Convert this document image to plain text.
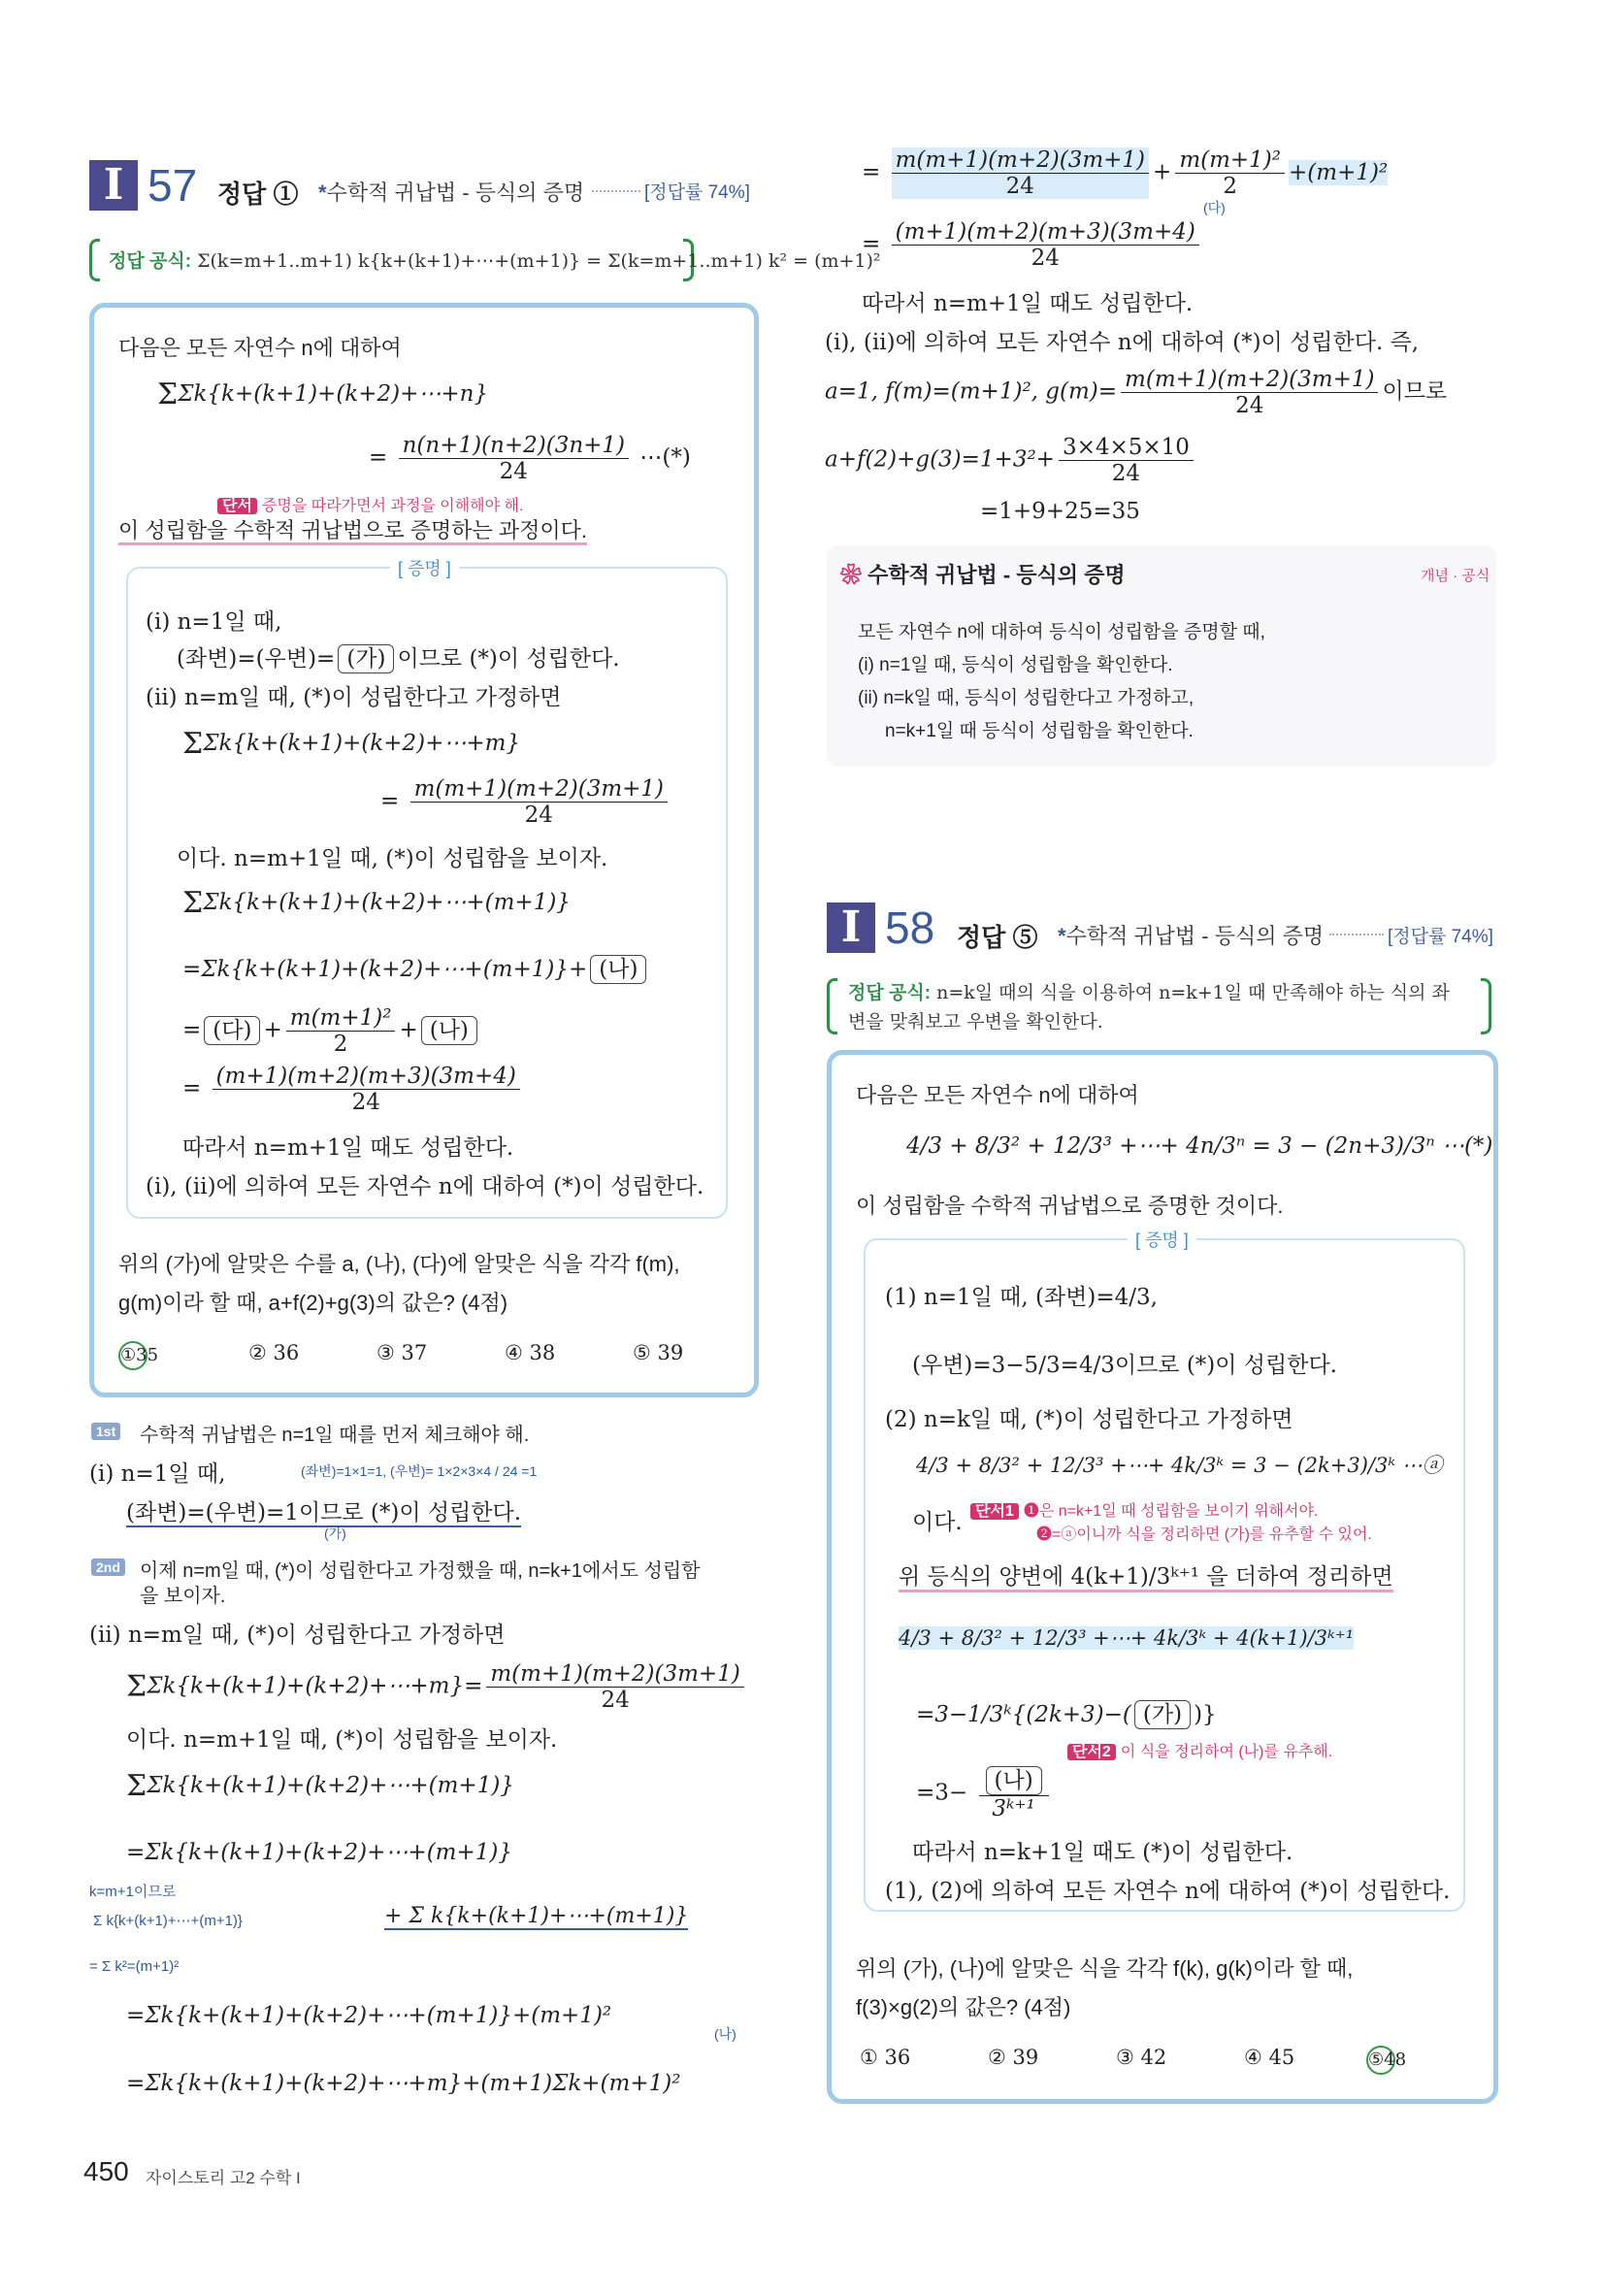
I 57 정답 ① *수학적 귀납법 - 등식의 증명	[정답률 74%]
정답 공식: Σ(k=m+1..m+1) k{k+(k+1)+⋯+(m+1)} = Σ(k=m+1..m+1) k² = (m+1)²
다음은 모든 자연수 n에 대하여
ΣΣk{k+(k+1)+(k+2)+⋯+n}
= $\frac{n(n+1)(n+2)(3n+1)}{24}$ ⋯(*)
단서 증명을 따라가면서 과정을 이해해야 해.
이 성립함을 수학적 귀납법으로 증명하는 과정이다.
[ 증명 ]
(i) n=1일 때,
(좌변)=(우변)= (가) 이므로 (*)이 성립한다.
(ii) n=m일 때, (*)이 성립한다고 가정하면
ΣΣk{k+(k+1)+(k+2)+⋯+m}
= $\frac{m(m+1)(m+2)(3m+1)}{24}$
이다. n=m+1일 때, (*)이 성립함을 보이자.
ΣΣk{k+(k+1)+(k+2)+⋯+(m+1)}
=Σk{k+(k+1)+(k+2)+⋯+(m+1)}+ (나)
= (다) + $\frac{\text{m(m+1)²}}{2}$ + (나)
= $\frac{(m+1)(m+2)(m+3)(3m+4)}{24}$
따라서 n=m+1일 때도 성립한다.
(i), (ii)에 의하여 모든 자연수 n에 대하여 (*)이 성립한다.
위의 (가)에 알맞은 수를 a, (나), (다)에 알맞은 식을 각각 f(m),
g(m)이라 할 때, a+f(2)+g(3)의 값은? (4점)
①35	② 36	③ 37	④ 38	⑤ 39
1st 수학적 귀납법은 n=1일 때를 먼저 체크해야 해.
(i) n=1일 때,	(좌변)=1×1=1, (우변)= 1×2×3×4 / 24 =1
(좌변)=(우변)=1이므로 (*)이 성립한다.
(가)
2nd 이제 n=m일 때, (*)이 성립한다고 가정했을 때, n=k+1에서도 성립함
을 보이자.
(ii) n=m일 때, (*)이 성립한다고 가정하면
ΣΣk{k+(k+1)+(k+2)+⋯+m}= $\frac{m(m+1)(m+2)(3m+1)}{24}$
이다. n=m+1일 때, (*)이 성립함을 보이자.
ΣΣk{k+(k+1)+(k+2)+⋯+(m+1)}
=Σk{k+(k+1)+(k+2)+⋯+(m+1)}
k=m+1이므로
Σ k{k+(k+1)+⋯+(m+1)}	+ Σ k{k+(k+1)+⋯+(m+1)}
= Σ k²=(m+1)²
=Σk{k+(k+1)+(k+2)+⋯+(m+1)}+(m+1)²
(나)
=Σk{k+(k+1)+(k+2)+⋯+m}+(m+1)Σk+(m+1)²
= $\frac{m(m+1)(m+2)(3m+1)}{24} + \frac{\text{m(m+1)²}}{2} +(m+1)^2$
(다)
= $\frac{(m+1)(m+2)(m+3)(3m+4)}{24}$
따라서 n=m+1일 때도 성립한다.
(i), (ii)에 의하여 모든 자연수 n에 대하여 (*)이 성립한다. 즉,
a=1, f(m)=(m+1)², $g(m)= \frac{m(m+1)(m+2)(3m+1)}{24}$ 이므로
$a+f(2)+g(3)=1+3^2+ \frac{3\times 4\times 5\times 10}{24}$
=1+9+25=35
❀ 수학적 귀납법 - 등식의 증명	개념 · 공식
모든 자연수 n에 대하여 등식이 성립함을 증명할 때,
(i) n=1일 때, 등식이 성립함을 확인한다.
(ii) n=k일 때, 등식이 성립한다고 가정하고,
n=k+1일 때 등식이 성립함을 확인한다.
I 58 정답 ⑤ *수학적 귀납법 - 등식의 증명	[정답률 74%]
정답 공식: n=k일 때의 식을 이용하여 n=k+1일 때 만족해야 하는 식의 좌
변을 맞춰보고 우변을 확인한다.
다음은 모든 자연수 n에 대하여
4/3 + 8/3² + 12/3³ +⋯+ 4n/3ⁿ = 3 − (2n+3)/3ⁿ ⋯(*)
이 성립함을 수학적 귀납법으로 증명한 것이다.
[ 증명 ]
(1) n=1일 때, (좌변)=4/3,
(우변)=3−5/3=4/3이므로 (*)이 성립한다.
(2) n=k일 때, (*)이 성립한다고 가정하면
4/3 + 8/3² + 12/3³ +⋯+ 4k/3ᵏ = 3 − (2k+3)/3ᵏ ⋯ⓐ
이다. 단서1 ❶은 n=k+1일 때 성립함을 보이기 위해서야.
❷=ⓐ이니까 식을 정리하면 (가)를 유추할 수 있어.
위 등식의 양변에 4(k+1)/3ᵏ⁺¹ 을 더하여 정리하면
4/3 + 8/3² + 12/3³ +⋯+ 4k/3ᵏ + 4(k+1)/3ᵏ⁺¹
=3−1/3ᵏ{(2k+3)−( (가) )}
단서2 이 식을 정리하여 (나)를 유추해.
$=3- \frac{\text{(나)}}{\text{3ᵏ⁺¹}}$
따라서 n=k+1일 때도 (*)이 성립한다.
(1), (2)에 의하여 모든 자연수 n에 대하여 (*)이 성립한다.
위의 (가), (나)에 알맞은 식을 각각 f(k), g(k)이라 할 때,
f(3)×g(2)의 값은? (4점)
① 36	② 39	③ 42	④ 45	⑤48
450 자이스토리 고2 수학 I
